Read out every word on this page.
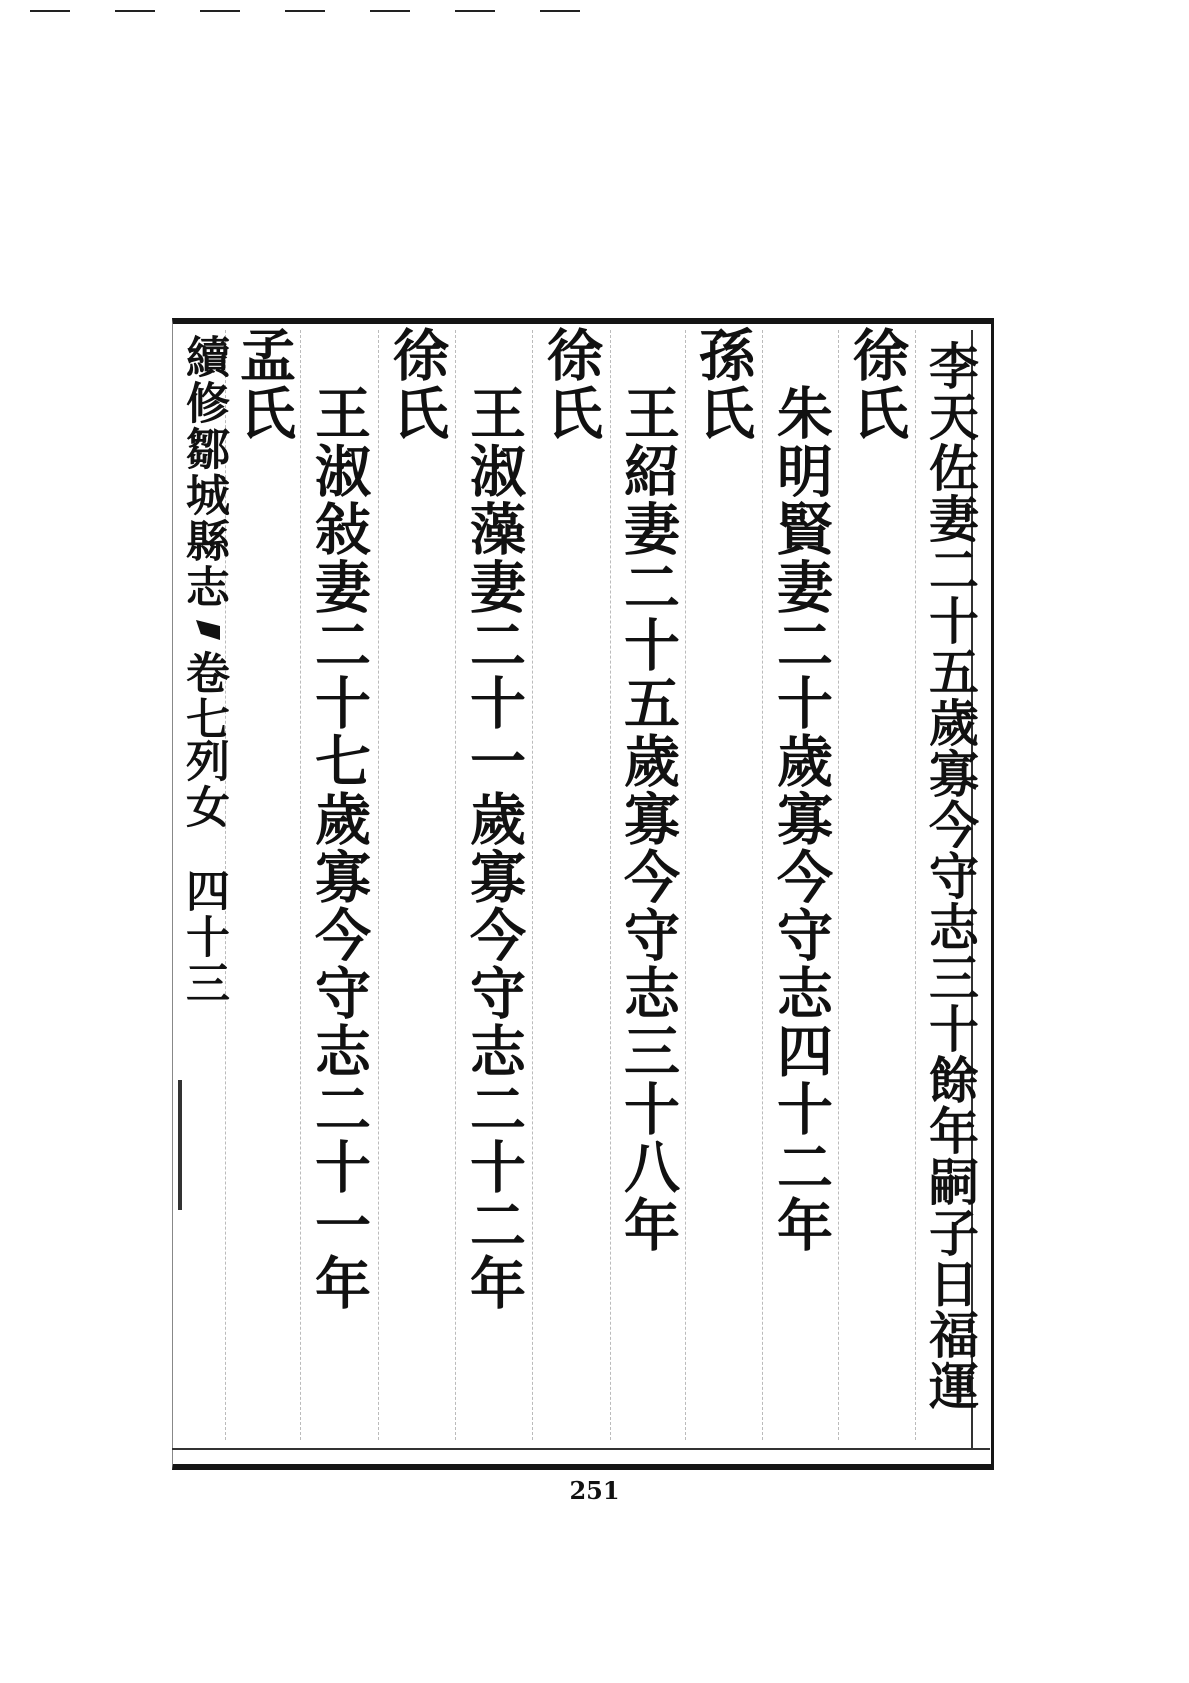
李天佐妻二十五歲寡今守志三十餘年嗣子日福運
徐氏
朱明賢妻二十歲寡今守志四十二年
孫氏
王紹妻二十五歲寡今守志三十八年
徐氏
王淑藻妻二十一歲寡今守志二十二年
徐氏
王淑敍妻二十七歲寡今守志二十一年
孟氏
續修鄒城縣志
卷七
列女
四十三
251
